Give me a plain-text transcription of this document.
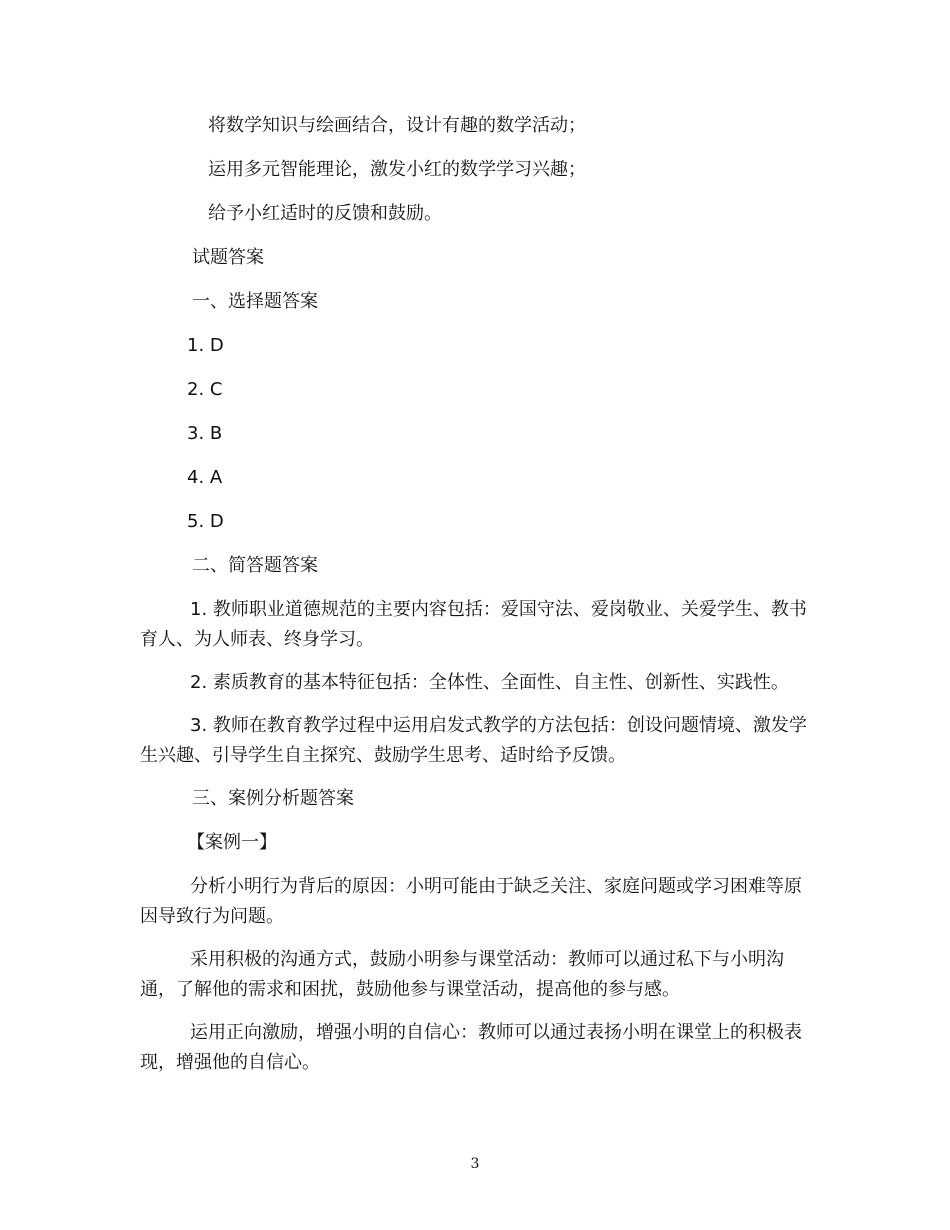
将数学知识与绘画结合，设计有趣的数学活动；
运用多元智能理论，激发小红的数学学习兴趣；
给予小红适时的反馈和鼓励。
试题答案
一、选择题答案
1. D
2. C
3. B
4. A
5. D
二、简答题答案
1. 教师职业道德规范的主要内容包括：爱国守法、爱岗敬业、关爱学生、教书育人、为人师表、终身学习。
2. 素质教育的基本特征包括：全体性、全面性、自主性、创新性、实践性。
3. 教师在教育教学过程中运用启发式教学的方法包括：创设问题情境、激发学生兴趣、引导学生自主探究、鼓励学生思考、适时给予反馈。
三、案例分析题答案
【案例一】
分析小明行为背后的原因：小明可能由于缺乏关注、家庭问题或学习困难等原因导致行为问题。
采用积极的沟通方式，鼓励小明参与课堂活动：教师可以通过私下与小明沟通，了解他的需求和困扰，鼓励他参与课堂活动，提高他的参与感。
运用正向激励，增强小明的自信心：教师可以通过表扬小明在课堂上的积极表现，增强他的自信心。
3
